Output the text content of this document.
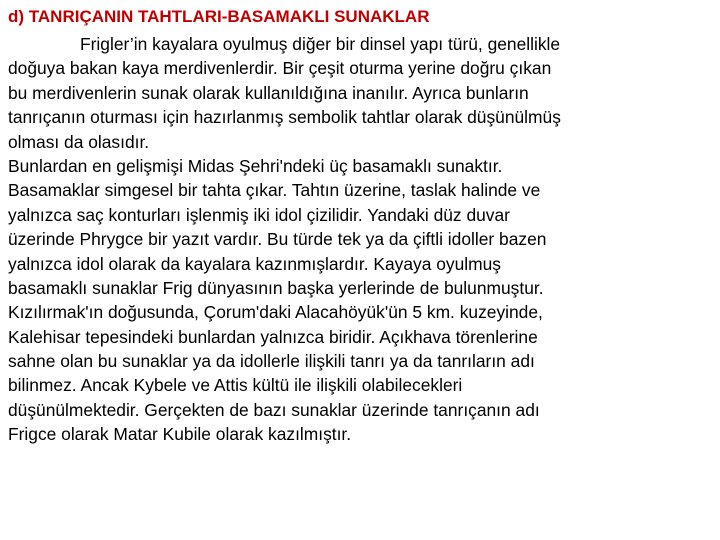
d) TANRIÇANIN TAHTLARI-BASAMAKLI SUNAKLAR
Frigler’in kayalara oyulmuş diğer bir dinsel yapı türü, genellikle
doğuya bakan kaya merdivenlerdir. Bir çeşit oturma yerine doğru çıkan
bu merdivenlerin sunak olarak kullanıldığına inanılır. Ayrıca bunların
tanrıçanın oturması için hazırlanmış sembolik tahtlar olarak düşünülmüş
olması da olasıdır.
Bunlardan en gelişmişi Midas Şehri'ndeki üç basamaklı sunaktır.
Basamaklar simgesel bir tahta çıkar. Tahtın üzerine, taslak halinde ve
yalnızca saç konturları işlenmiş iki idol çizilidir. Yandaki düz duvar
üzerinde Phrygce bir yazıt vardır. Bu türde tek ya da çiftli idoller bazen
yalnızca idol olarak da kayalara kazınmışlardır. Kayaya oyulmuş
basamaklı sunaklar Frig dünyasının başka yerlerinde de bulunmuştur.
Kızılırmak'ın doğusunda, Çorum'daki Alacahöyük'ün 5 km. kuzeyinde,
Kalehisar tepesindeki bunlardan yalnızca biridir. Açıkhava törenlerine
sahne olan bu sunaklar ya da idollerle ilişkili tanrı ya da tanrıların adı
bilinmez. Ancak Kybele ve Attis kültü ile ilişkili olabilecekleri
düşünülmektedir. Gerçekten de bazı sunaklar üzerinde tanrıçanın adı
Frigce olarak Matar Kubile olarak kazılmıştır.
